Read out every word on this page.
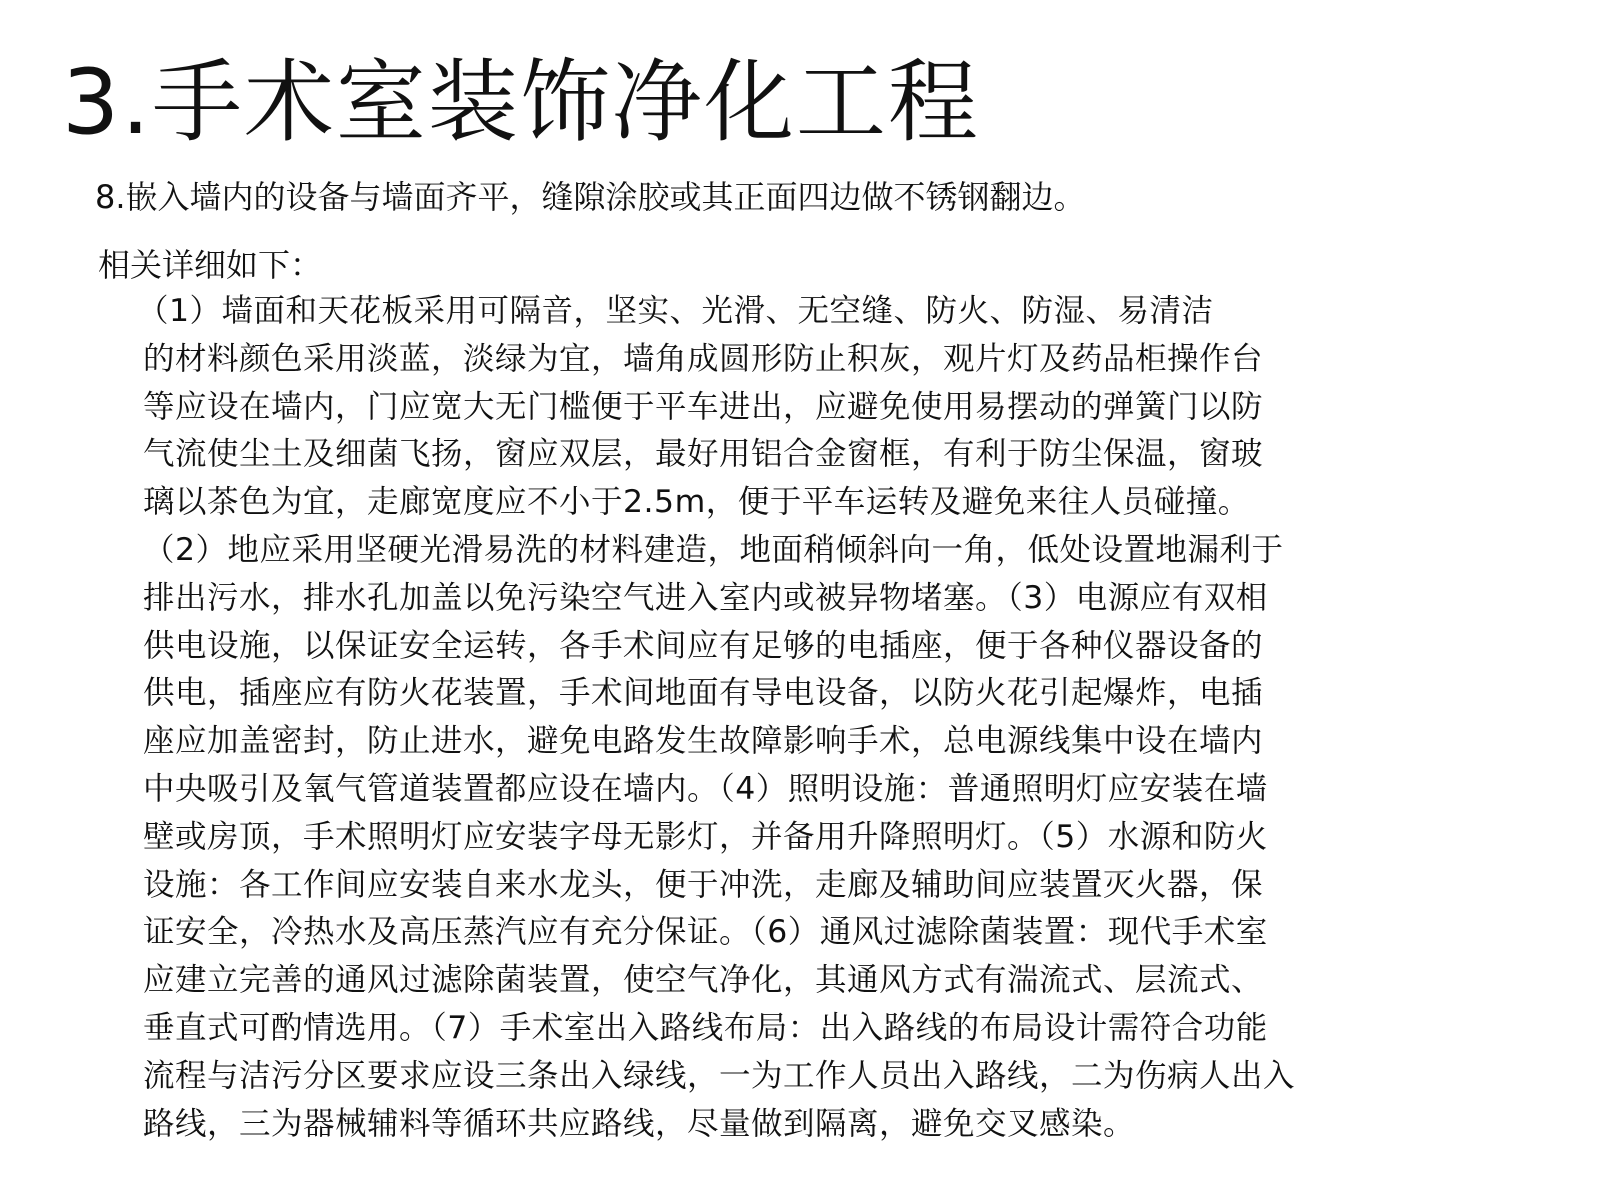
3.手术室装饰净化工程

8.嵌入墙内的设备与墙面齐平，缝隙涂胶或其正面四边做不锈钢翻边。

相关详细如下：

（1）墙面和天花板采用可隔音，坚实、光滑、无空缝、防火、防湿、易清洁

的材料颜色采用淡蓝，淡绿为宜，墙角成圆形防止积灰，观片灯及药品柜操作台

等应设在墙内，门应宽大无门槛便于平车进出，应避免使用易摆动的弹簧门以防

气流使尘土及细菌飞扬，窗应双层，最好用铝合金窗框，有利于防尘保温，窗玻

璃以茶色为宜，走廊宽度应不小于2.5m，便于平车运转及避免来往人员碰撞。

（2）地应采用坚硬光滑易洗的材料建造，地面稍倾斜向一角，低处设置地漏利于

排出污水，排水孔加盖以免污染空气进入室内或被异物堵塞。（3）电源应有双相

供电设施，以保证安全运转，各手术间应有足够的电插座，便于各种仪器设备的

供电，插座应有防火花装置，手术间地面有导电设备，以防火花引起爆炸，电插

座应加盖密封，防止进水，避免电路发生故障影响手术，总电源线集中设在墙内

中央吸引及氧气管道装置都应设在墙内。（4）照明设施：普通照明灯应安装在墙

壁或房顶，手术照明灯应安装字母无影灯，并备用升降照明灯。（5）水源和防火

设施：各工作间应安装自来水龙头，便于冲洗，走廊及辅助间应装置灭火器，保

证安全，冷热水及高压蒸汽应有充分保证。（6）通风过滤除菌装置：现代手术室

应建立完善的通风过滤除菌装置，使空气净化，其通风方式有湍流式、层流式、

垂直式可酌情选用。（7）手术室出入路线布局：出入路线的布局设计需符合功能

流程与洁污分区要求应设三条出入绿线，一为工作人员出入路线，二为伤病人出入

路线，三为器械辅料等循环共应路线，尽量做到隔离，避免交叉感染。
